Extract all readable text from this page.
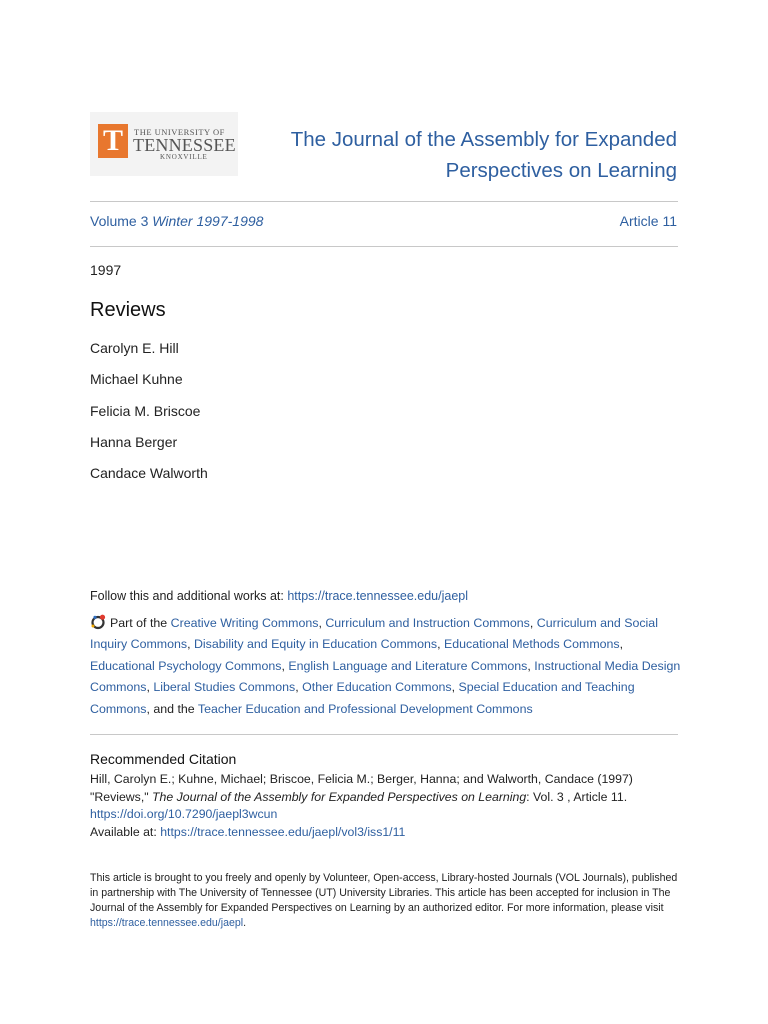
T	THE UNIVERSITY OF
TENNESSEE
KNOXVILLE
The Journal of the Assembly for Expanded
Perspectives on Learning
Volume 3 Winter 1997-1998	Article 11
1997
Reviews
Carolyn E. Hill
Michael Kuhne
Felicia M. Briscoe
Hanna Berger
Candace Walworth
Follow this and additional works at: https://trace.tennessee.edu/jaepl
Part of the Creative Writing Commons, Curriculum and Instruction Commons, Curriculum and Social Inquiry Commons, Disability and Equity in Education Commons, Educational Methods Commons, Educational Psychology Commons, English Language and Literature Commons, Instructional Media Design Commons, Liberal Studies Commons, Other Education Commons, Special Education and Teaching Commons, and the Teacher Education and Professional Development Commons
Recommended Citation
Hill, Carolyn E.; Kuhne, Michael; Briscoe, Felicia M.; Berger, Hanna; and Walworth, Candace (1997)
"Reviews," The Journal of the Assembly for Expanded Perspectives on Learning: Vol. 3 , Article 11.
https://doi.org/10.7290/jaepl3wcun
Available at: https://trace.tennessee.edu/jaepl/vol3/iss1/11
This article is brought to you freely and openly by Volunteer, Open-access, Library-hosted Journals (VOL Journals), published in partnership with The University of Tennessee (UT) University Libraries. This article has been accepted for inclusion in The Journal of the Assembly for Expanded Perspectives on Learning by an authorized editor. For more information, please visit https://trace.tennessee.edu/jaepl.
